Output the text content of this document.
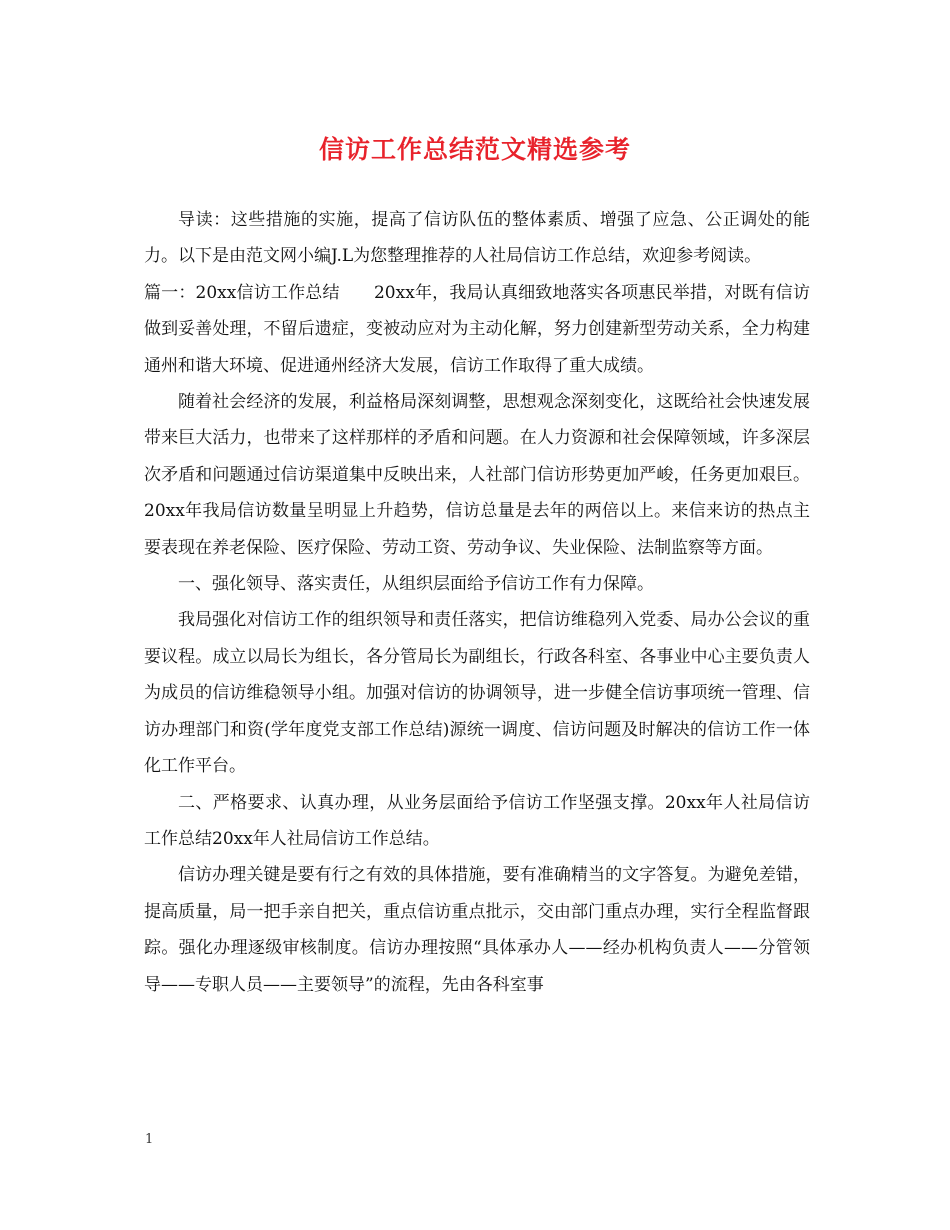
信访工作总结范文精选参考

导读：这些措施的实施，提高了信访队伍的整体素质、增强了应急、公正调处的能力。以下是由范文网小编J.L为您整理推荐的人社局信访工作总结，欢迎参考阅读。

篇一：20xx信访工作总结　　20xx年，我局认真细致地落实各项惠民举措，对既有信访做到妥善处理，不留后遗症，变被动应对为主动化解，努力创建新型劳动关系，全力构建通州和谐大环境、促进通州经济大发展，信访工作取得了重大成绩。

随着社会经济的发展，利益格局深刻调整，思想观念深刻变化，这既给社会快速发展带来巨大活力，也带来了这样那样的矛盾和问题。在人力资源和社会保障领域，许多深层次矛盾和问题通过信访渠道集中反映出来，人社部门信访形势更加严峻，任务更加艰巨。20xx年我局信访数量呈明显上升趋势，信访总量是去年的两倍以上。来信来访的热点主要表现在养老保险、医疗保险、劳动工资、劳动争议、失业保险、法制监察等方面。

一、强化领导、落实责任，从组织层面给予信访工作有力保障。

我局强化对信访工作的组织领导和责任落实，把信访维稳列入党委、局办公会议的重要议程。成立以局长为组长，各分管局长为副组长，行政各科室、各事业中心主要负责人为成员的信访维稳领导小组。加强对信访的协调领导，进一步健全信访事项统一管理、信访办理部门和资(学年度党支部工作总结)源统一调度、信访问题及时解决的信访工作一体化工作平台。

二、严格要求、认真办理，从业务层面给予信访工作坚强支撑。20xx年人社局信访工作总结20xx年人社局信访工作总结。

信访办理关键是要有行之有效的具体措施，要有准确精当的文字答复。为避免差错，提高质量，局一把手亲自把关，重点信访重点批示，交由部门重点办理，实行全程监督跟踪。强化办理逐级审核制度。信访办理按照“具体承办人——经办机构负责人——分管领导——专职人员——主要领导”的流程，先由各科室事

1
